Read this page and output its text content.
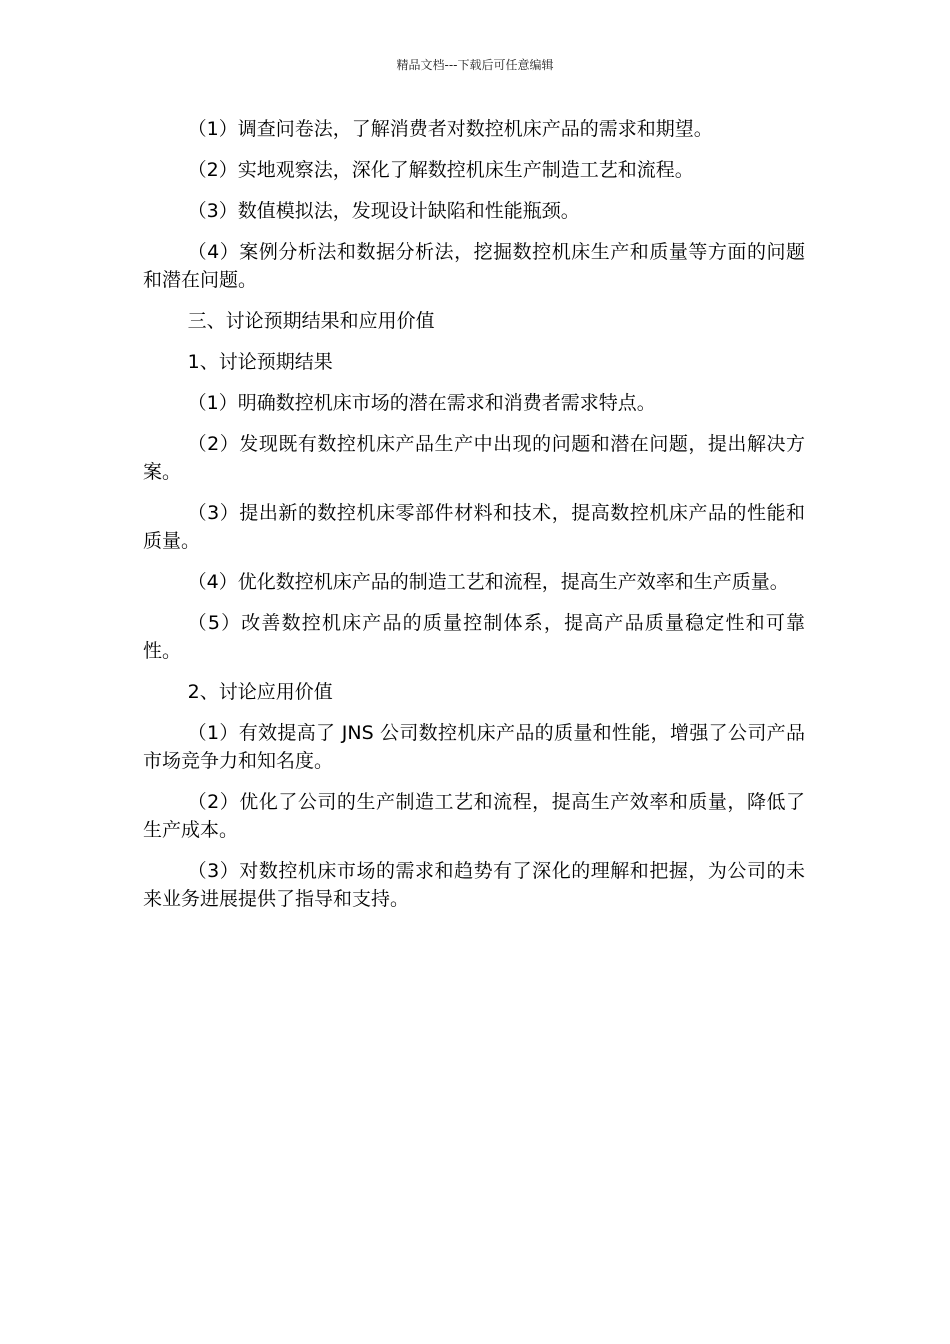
精品文档---下载后可任意编辑

（1）调查问卷法，了解消费者对数控机床产品的需求和期望。

（2）实地观察法，深化了解数控机床生产制造工艺和流程。

（3）数值模拟法，发现设计缺陷和性能瓶颈。

（4）案例分析法和数据分析法，挖掘数控机床生产和质量等方面的问题和潜在问题。

三、讨论预期结果和应用价值

1、讨论预期结果

（1）明确数控机床市场的潜在需求和消费者需求特点。

（2）发现既有数控机床产品生产中出现的问题和潜在问题，提出解决方案。

（3）提出新的数控机床零部件材料和技术，提高数控机床产品的性能和质量。

（4）优化数控机床产品的制造工艺和流程，提高生产效率和生产质量。

（5）改善数控机床产品的质量控制体系，提高产品质量稳定性和可靠性。

2、讨论应用价值

（1）有效提高了 JNS 公司数控机床产品的质量和性能，增强了公司产品市场竞争力和知名度。

（2）优化了公司的生产制造工艺和流程，提高生产效率和质量，降低了生产成本。

（3）对数控机床市场的需求和趋势有了深化的理解和把握，为公司的未来业务进展提供了指导和支持。
